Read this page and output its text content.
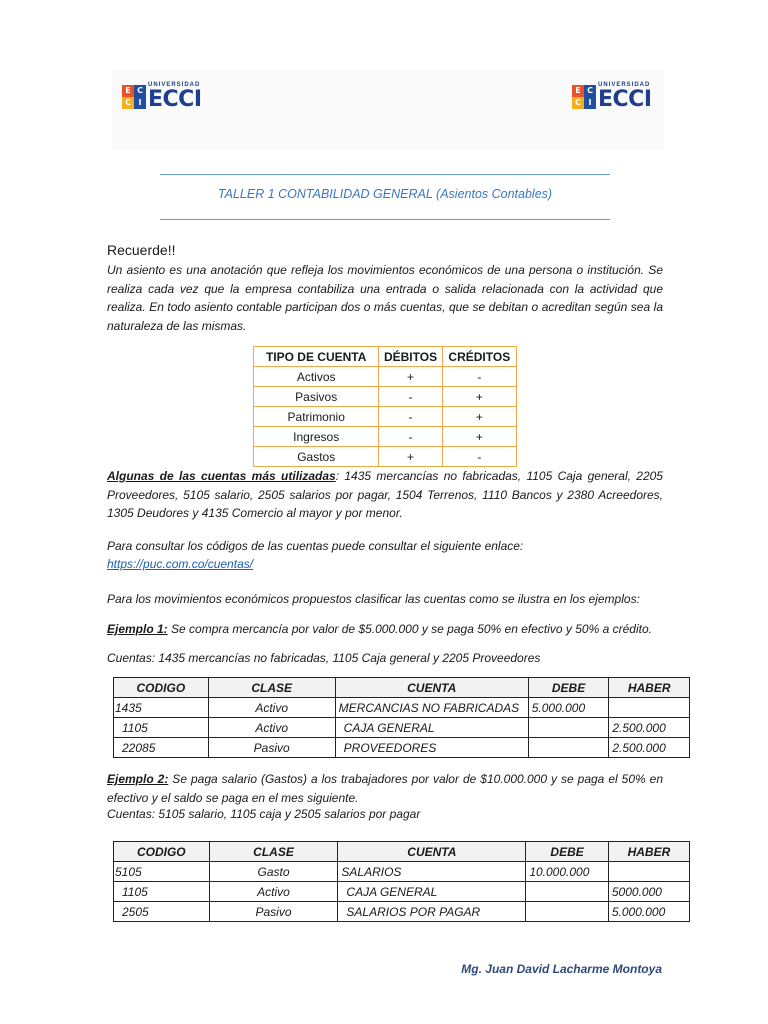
E C
C I
UNIVERSIDAD
ECCI	E C
C I
UNIVERSIDAD
ECCI
TALLER 1 CONTABILIDAD GENERAL (Asientos Contables)

Recuerde!!

Un asiento es una anotación que refleja los movimientos económicos de una persona o institución. Se realiza cada vez que la empresa contabiliza una entrada o salida relacionada con la actividad que realiza. En todo asiento contable participan dos o más cuentas, que se debitan o acreditan según sea la naturaleza de las mismas.

TIPO DE CUENTA	DÉBITOS	CRÉDITOS
Activos	+	-
Pasivos	-	+
Patrimonio	-	+
Ingresos	-	+
Gastos	+	-

Algunas de las cuentas más utilizadas: 1435 mercancías no fabricadas, 1105 Caja general, 2205 Proveedores, 5105 salario, 2505 salarios por pagar, 1504 Terrenos, 1110 Bancos y 2380 Acreedores, 1305 Deudores y 4135 Comercio al mayor y por menor.

Para consultar los códigos de las cuentas puede consultar el siguiente enlace:

https://puc.com.co/cuentas/

Para los movimientos económicos propuestos clasificar las cuentas como se ilustra en los ejemplos:

Ejemplo 1: Se compra mercancía por valor de $5.000.000 y se paga 50% en efectivo y 50% a crédito.

Cuentas: 1435 mercancías no fabricadas, 1105 Caja general y 2205 Proveedores

CODIGO	CLASE	CUENTA	DEBE	HABER
1435	Activo	MERCANCIAS NO FABRICADAS	5.000.000	
1105	Activo	CAJA GENERAL		2.500.000
22085	Pasivo	PROVEEDORES		2.500.000

Ejemplo 2: Se paga salario (Gastos) a los trabajadores por valor de $10.000.000 y se paga el 50% en efectivo y el saldo se paga en el mes siguiente.

Cuentas: 5105 salario, 1105 caja y 2505 salarios por pagar

CODIGO	CLASE	CUENTA	DEBE	HABER
5105	Gasto	SALARIOS	10.000.000	
1105	Activo	CAJA GENERAL		5000.000
2505	Pasivo	SALARIOS POR PAGAR		5.000.000
Mg. Juan David Lacharme Montoya
